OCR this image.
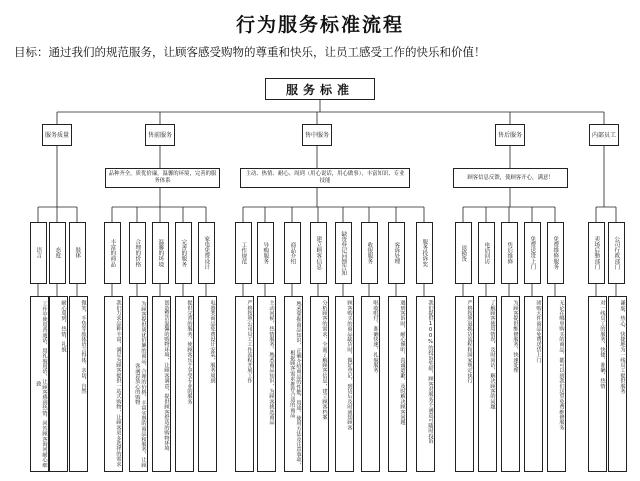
行为服务标准流程
目标：通过我们的规范服务，让顾客感受购物的尊重和快乐，让员工感受工作的快乐和价值！
服务标准
服务质量
语言
工作中使用普通话，用礼貌用语，让顾客感到热情、回答顾客询问耐心细致
态度
耐心周到、热情、礼貌
肢体
微笑、手势等肢体语言得体、亲切、自然
售前服务
品种齐全，质优价廉，温馨的环境，完善的服务体系
丰富的商品
我们力求品种丰富，满足为顾客提供一站式购物，让顾客更多选择的需求
合理的价格
为顾客提供质优价廉的商品，合理的价格，丰富实惠的商品和服务，让顾客满意放心的购物
温馨的环境
创造整洁温馨的购物环境，让顾客满意，提供顾客舒适的购物环境
完善的服务
提供完善的服务，使顾客乐于享受专业的服务
家电免费设计
电器类商品免费设计安装，服务周到
售中服务
主动、热情、耐心、周到（用心说话，用心做事），丰富知识、专业技能
工作规范
严格按照公司员工工作流程开展工作
导购服务
主动问候，热情服务，熟悉商品知识，为顾客挑选商品
商品介绍
熟悉掌握商品知识，正确介绍商品的性能、用途、使用方法及注意事项，根据顾客需求推荐合适的商品
建立顾客信息
分析顾客的需求，全面了解顾客信息，建立顾客档案
缺货登记回馈告知
顾客购买的商品缺货时，做好登记，到货后及时通知顾客
收银服务
唱收唱付，准确快速，礼貌服务
客诉处理
遇到客诉时，耐心倾听，真诚道歉，及时解决顾客问题
服务投诉奖
我们提供100%的投诉奖励，顾客对服务不满意可随时投诉
售后服务
顾客信息反馈，使顾客开心，满意！
退换货
严格按照退换货流程和国家规定执行
电话回访
了解顾客使用情况，及时回访，解决顾客的问题
售后维修
为顾客提供维修服务，快速处理
免费送货上门
团购大件商品免费送货上门
免费维修服务
无论在哪里购买的商品，都可以到我们这里免费维修服务
内部员工
卖场后勤部门
对一线员工的服务，快捷、准确、热情
公司行政部门
谦虚、热心、快捷地为一线员工提供服务
